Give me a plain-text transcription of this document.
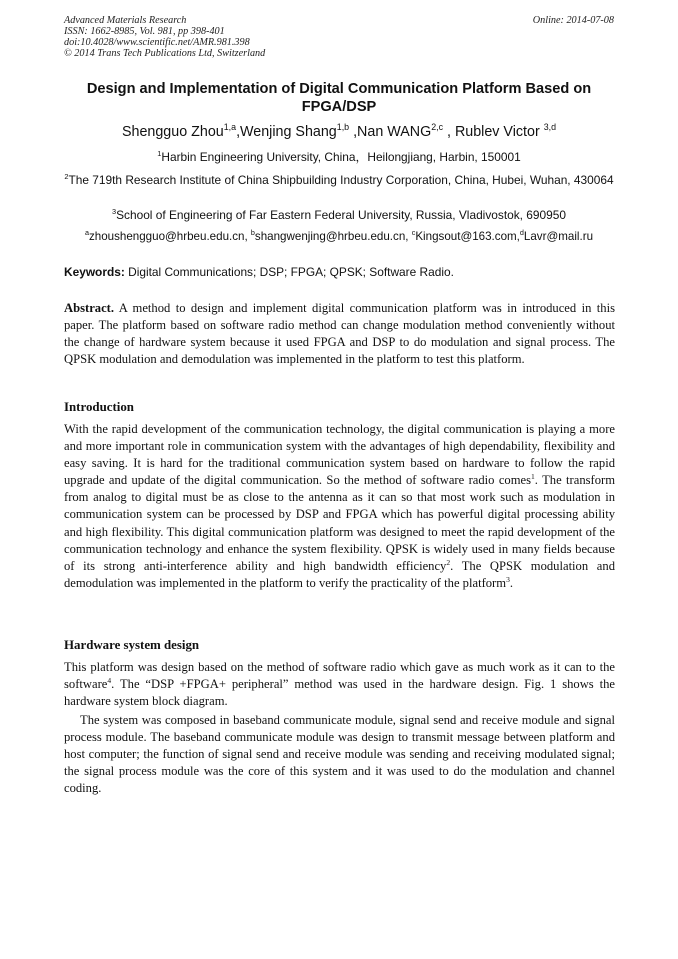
Advanced Materials Research
ISSN: 1662-8985, Vol. 981, pp 398-401
doi:10.4028/www.scientific.net/AMR.981.398
© 2014 Trans Tech Publications Ltd, Switzerland
Online: 2014-07-08
Design and Implementation of Digital Communication Platform Based on FPGA/DSP
Shengguo Zhou$^{1,a}$,Wenjing Shang$^{1,b}$ ,Nan WANG$^{2,c}$ , Rublev Victor $^{3,d}$
$^1$Harbin Engineering University, China，Heilongjiang, Harbin, 150001
$^2$The 719th Research Institute of China Shipbuilding Industry Corporation, China, Hubei, Wuhan, 430064
$^3$School of Engineering of Far Eastern Federal University, Russia, Vladivostok, 690950
$^a$zhoushengguo@hrbeu.edu.cn, $^b$shangwenjing@hrbeu.edu.cn, $^c$Kingsout@163.com,$^d$Lavr@mail.ru
Keywords: Digital Communications; DSP; FPGA; QPSK; Software Radio.
Abstract. A method to design and implement digital communication platform was in introduced in this paper. The platform based on software radio method can change modulation method conveniently without the change of hardware system because it used FPGA and DSP to do modulation and signal process. The QPSK modulation and demodulation was implemented in the platform to test this platform.
Introduction
With the rapid development of the communication technology, the digital communication is playing a more and more important role in communication system with the advantages of high dependability, flexibility and easy saving. It is hard for the traditional communication system based on hardware to follow the rapid upgrade and update of the digital communication. So the method of software radio comes$^1$. The transform from analog to digital must be as close to the antenna as it can so that most work such as modulation in communication system can be processed by DSP and FPGA which has powerful digital processing ability and high flexibility. This digital communication platform was designed to meet the rapid development of the communication technology and enhance the system flexibility. QPSK is widely used in many fields because of its strong anti-interference ability and high bandwidth efficiency$^2$. The QPSK modulation and demodulation was implemented in the platform to verify the practicality of the platform$^3$.
Hardware system design
This platform was design based on the method of software radio which gave as much work as it can to the software$^4$. The “DSP +FPGA+ peripheral” method was used in the hardware design. Fig. 1 shows the hardware system block diagram.
The system was composed in baseband communicate module, signal send and receive module and signal process module. The baseband communicate module was design to transmit message between platform and host computer; the function of signal send and receive module was sending and receiving modulated signal; the signal process module was the core of this system and it was used to do the modulation and channel coding.
